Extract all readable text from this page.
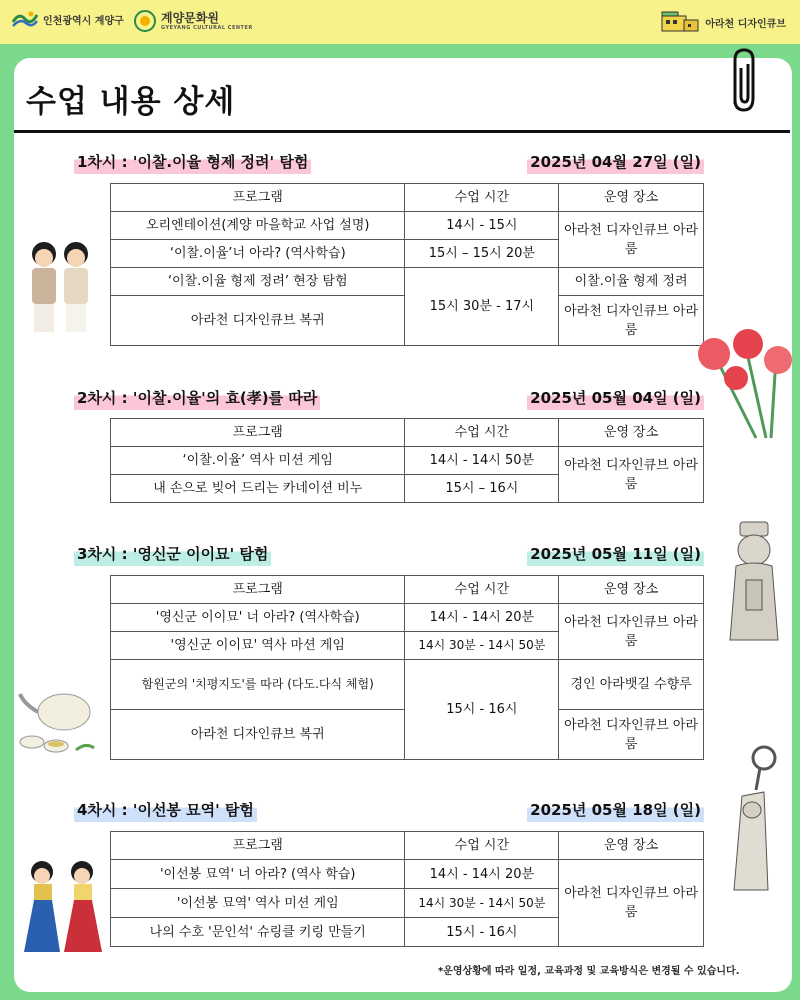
인천광역시 계양구	계양문화원
GYEYANG CULTURAL CENTER	아라천 디자인큐브
수업 내용 상세
1차시 : '이찰.이율 형제 정려' 탐험	2025년 04월 27일 (일)
프로그램	수업 시간	운영 장소
오리엔테이션(계양 마을학교 사업 설명)	14시 - 15시	아라천 디자인큐브 아라룸
‘이찰.이율’너 아라? (역사학습)	15시 – 15시 20분	
‘이찰.이율 형제 정려’ 현장 탐험	15시 30분 - 17시	이찰.이율 형제 정려
아라천 디자인큐브 복귀		아라천 디자인큐브 아라룸
2차시 : '이찰.이율'의 효(孝)를 따라	2025년 05월 04일 (일)
프로그램	수업 시간	운영 장소
‘이찰.이율’ 역사 미션 게임	14시 - 14시 50분	아라천 디자인큐브 아라룸
내 손으로 빚어 드리는 카네이션 비누	15시 – 16시	
3차시 : '영신군 이이묘' 탐험	2025년 05월 11일 (일)
프로그램	수업 시간	운영 장소
'영신군 이이묘' 너 아라? (역사학습)	14시 - 14시 20분	아라천 디자인큐브 아라룸
'영신군 이이묘' 역사 마션 게임	14시 30분 - 14시 50분	
함원군의 '치평지도'를 따라 (다도.다식 체험)	15시 - 16시	경인 아라뱃길 수향루
아라천 디자인큐브 복귀		아라천 디자인큐브 아라룸
4차시 : '이선봉 묘역' 탐험	2025년 05월 18일 (일)
프로그램	수업 시간	운영 장소
'이선봉 묘역' 너 아라? (역사 학습)	14시 - 14시 20분	아라천 디자인큐브 아라룸
'이선봉 묘역' 역사 미션 게임	14시 30분 - 14시 50분	
나의 수호 '문인석' 슈링클 키링 만들기	15시 - 16시	
*운영상황에 따라 일정, 교육과정 및 교육방식은 변경될 수 있습니다.
